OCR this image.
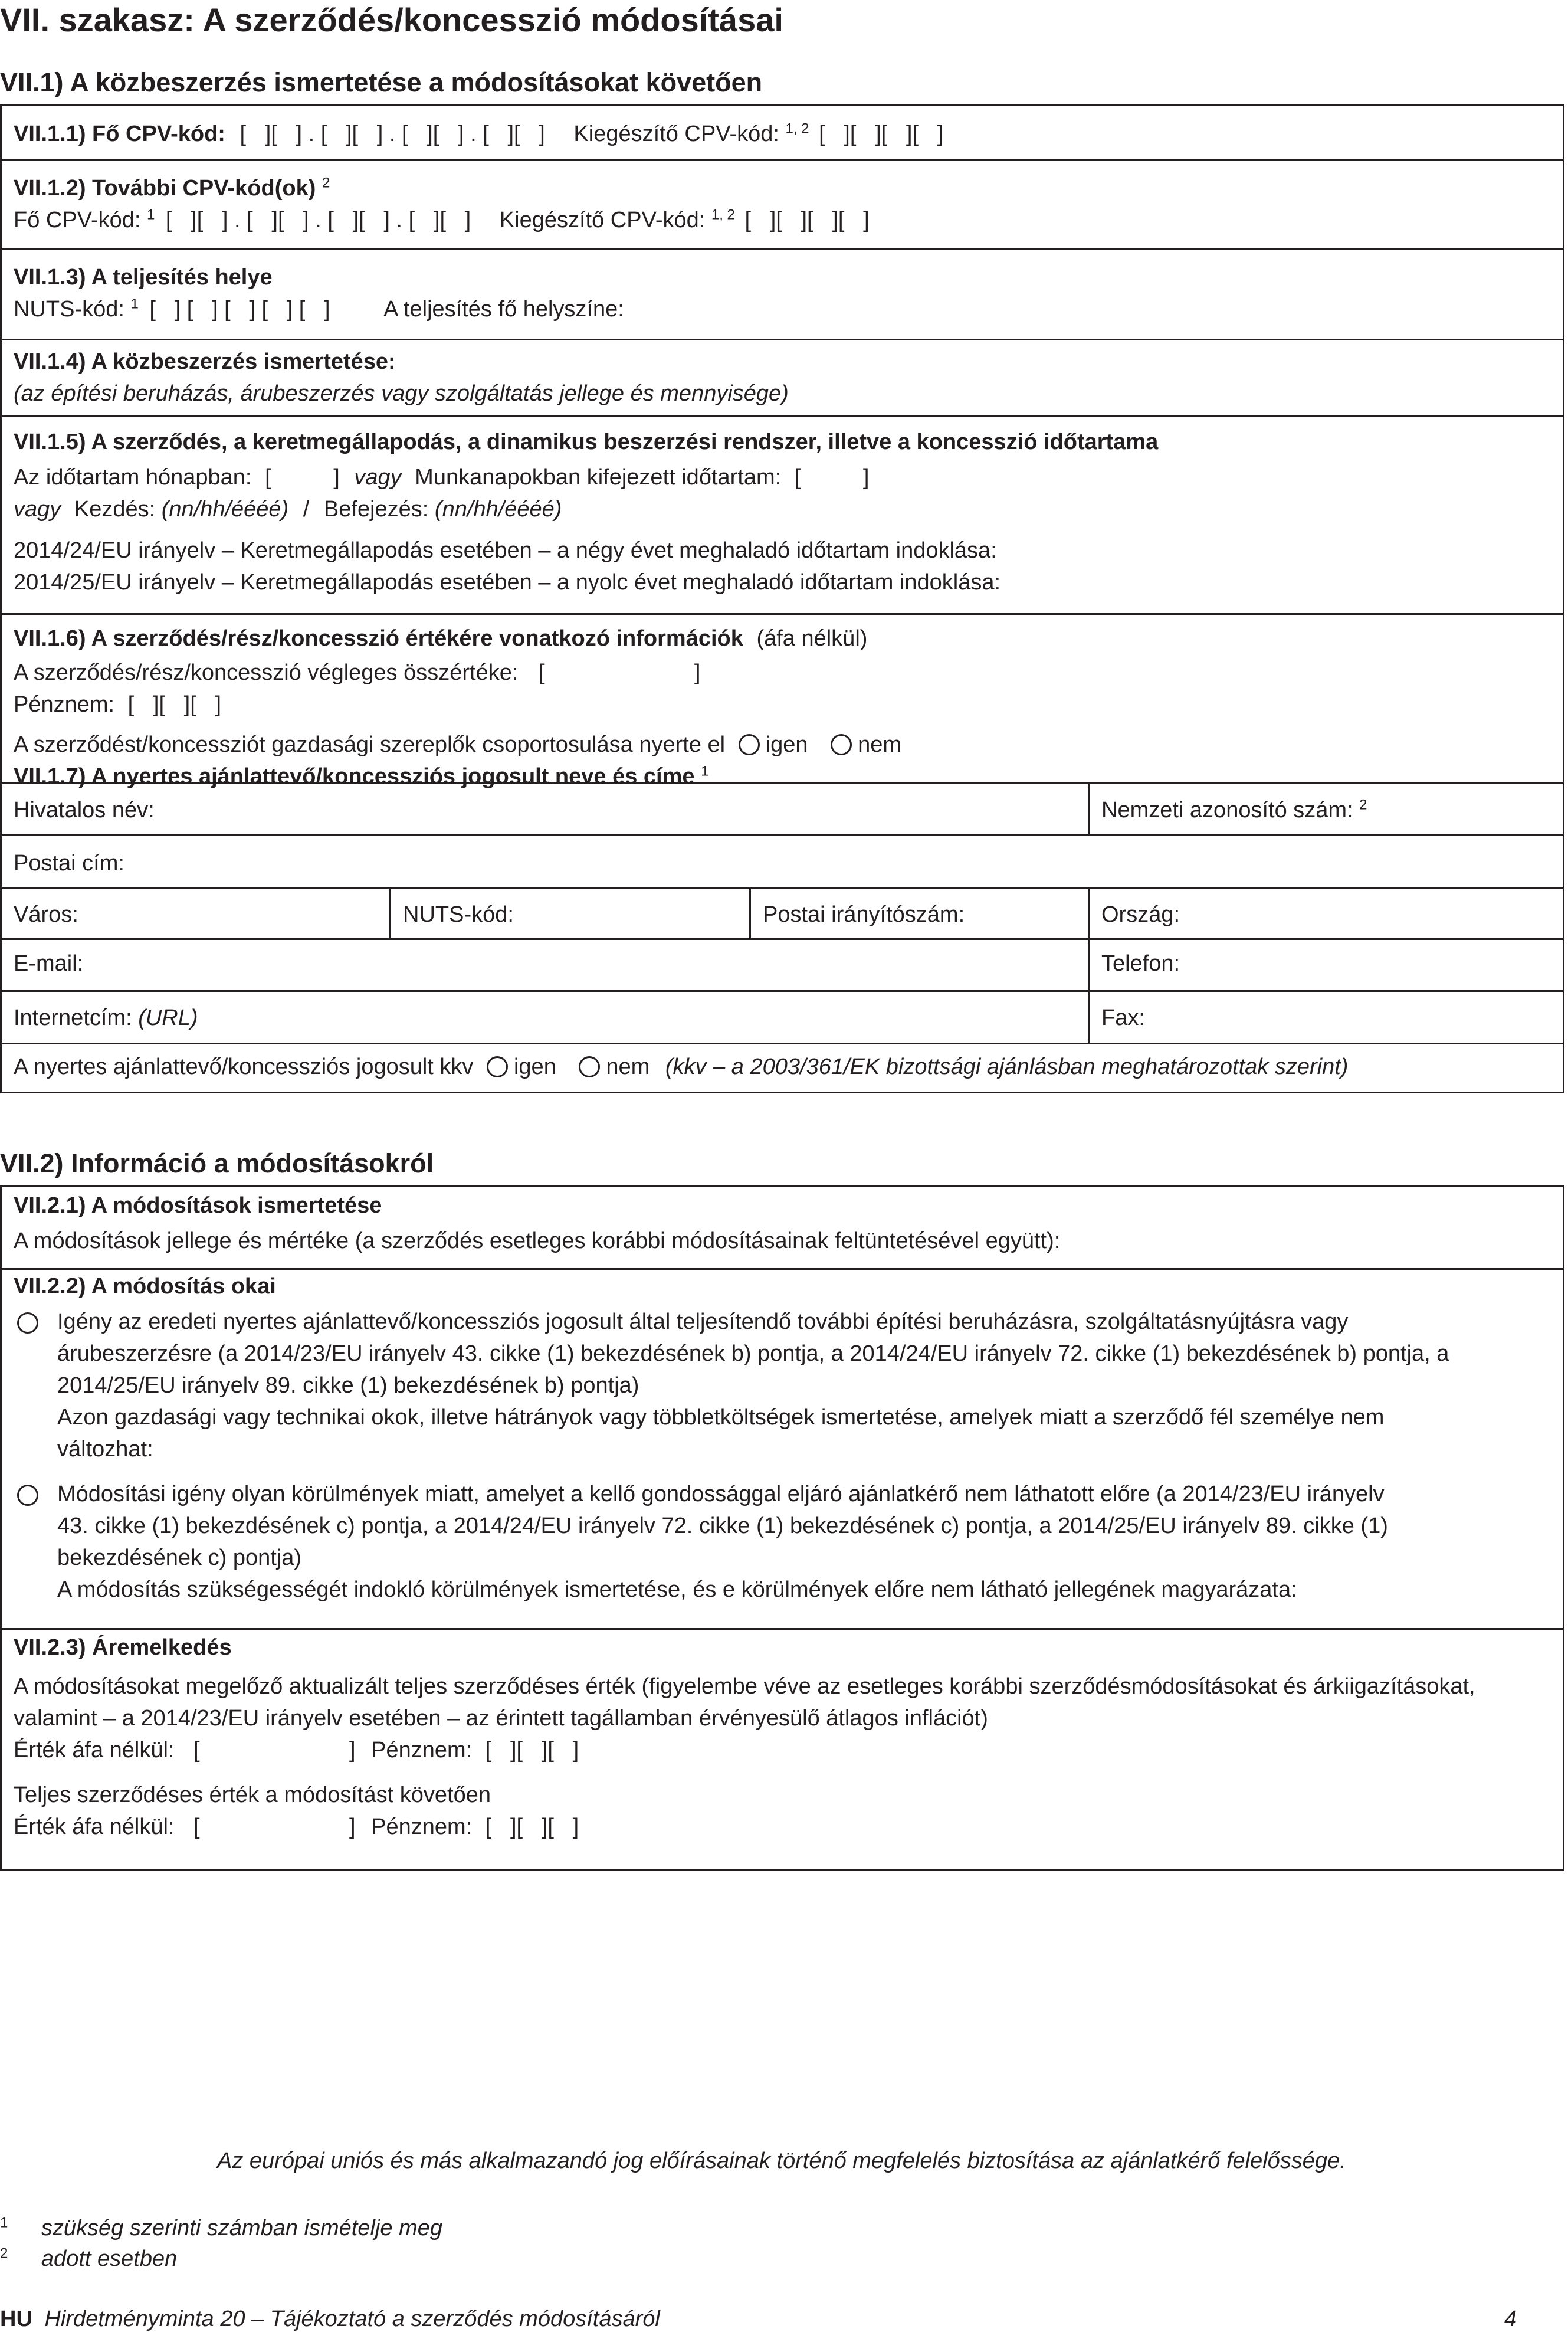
VII. szakasz: A szerződés/koncesszió módosításai
VII.1) A közbeszerzés ismertetése a módosításokat követően
VII.1.1) Fő CPV-kód: [   ][   ] . [   ][   ] . [   ][   ] . [   ][   ] Kiegészítő CPV-kód: $^{1, 2}$ [   ][   ][   ][   ]
VII.1.2) További CPV-kód(ok) $^2$
Fő CPV-kód: $^1$ [   ][   ] . [   ][   ] . [   ][   ] . [   ][   ] Kiegészítő CPV-kód: $^{1, 2}$ [   ][   ][   ][   ]
VII.1.3) A teljesítés helye
NUTS-kód: $^1$ [   ] [   ] [   ] [   ] [   ] A teljesítés fő helyszíne:
VII.1.4) A közbeszerzés ismertetése:
(az építési beruházás, árubeszerzés vagy szolgáltatás jellege és mennyisége)
VII.1.5) A szerződés, a keretmegállapodás, a dinamikus beszerzési rendszer, illetve a koncesszió időtartama
Az időtartam hónapban: [          ] vagy Munkanapokban kifejezett időtartam: [          ]
vagy Kezdés: (nn/hh/éééé) / Befejezés: (nn/hh/éééé)
2014/24/EU irányelv – Keretmegállapodás esetében – a négy évet meghaladó időtartam indoklása:
2014/25/EU irányelv – Keretmegállapodás esetében – a nyolc évet meghaladó időtartam indoklása:
VII.1.6) A szerződés/rész/koncesszió értékére vonatkozó információk (áfa nélkül)
A szerződés/rész/koncesszió végleges összértéke: [                        ]
Pénznem: [   ][   ][   ]
A szerződést/koncessziót gazdasági szereplők csoportosulása nyerte el igen nem
VII.1.7) A nyertes ajánlattevő/koncessziós jogosult neve és címe $^1$
Hivatalos név:	Nemzeti azonosító szám: $^2$
Postai cím:
Város:	NUTS-kód:	Postai irányítószám:	Ország:
E-mail:	Telefon:
Internetcím: (URL)	Fax:
A nyertes ajánlattevő/koncessziós jogosult kkv igen nem (kkv – a 2003/361/EK bizottsági ajánlásban meghatározottak szerint)
VII.2) Információ a módosításokról
VII.2.1) A módosítások ismertetése
A módosítások jellege és mértéke (a szerződés esetleges korábbi módosításainak feltüntetésével együtt):
VII.2.2) A módosítás okai
Igény az eredeti nyertes ajánlattevő/koncessziós jogosult által teljesítendő további építési beruházásra, szolgáltatásnyújtásra vagy
árubeszerzésre (a 2014/23/EU irányelv 43. cikke (1) bekezdésének b) pontja, a 2014/24/EU irányelv 72. cikke (1) bekezdésének b) pontja, a
2014/25/EU irányelv 89. cikke (1) bekezdésének b) pontja)
Azon gazdasági vagy technikai okok, illetve hátrányok vagy többletköltségek ismertetése, amelyek miatt a szerződő fél személye nem
változhat:
Módosítási igény olyan körülmények miatt, amelyet a kellő gondossággal eljáró ajánlatkérő nem láthatott előre (a 2014/23/EU irányelv
43. cikke (1) bekezdésének c) pontja, a 2014/24/EU irányelv 72. cikke (1) bekezdésének c) pontja, a 2014/25/EU irányelv 89. cikke (1)
bekezdésének c) pontja)
A módosítás szükségességét indokló körülmények ismertetése, és e körülmények előre nem látható jellegének magyarázata:
VII.2.3) Áremelkedés
A módosításokat megelőző aktualizált teljes szerződéses érték (figyelembe véve az esetleges korábbi szerződésmódosításokat és árkiigazításokat,
valamint – a 2014/23/EU irányelv esetében – az érintett tagállamban érvényesülő átlagos inflációt)
Érték áfa nélkül: [                        ] Pénznem: [   ][   ][   ]
Teljes szerződéses érték a módosítást követően
Érték áfa nélkül: [                        ] Pénznem: [   ][   ][   ]
Az európai uniós és más alkalmazandó jog előírásainak történő megfelelés biztosítása az ajánlatkérő felelőssége.
$^1$ szükség szerinti számban ismételje meg
$^2$ adott esetben
HU Hirdetményminta 20 – Tájékoztató a szerződés módosításáról	4
